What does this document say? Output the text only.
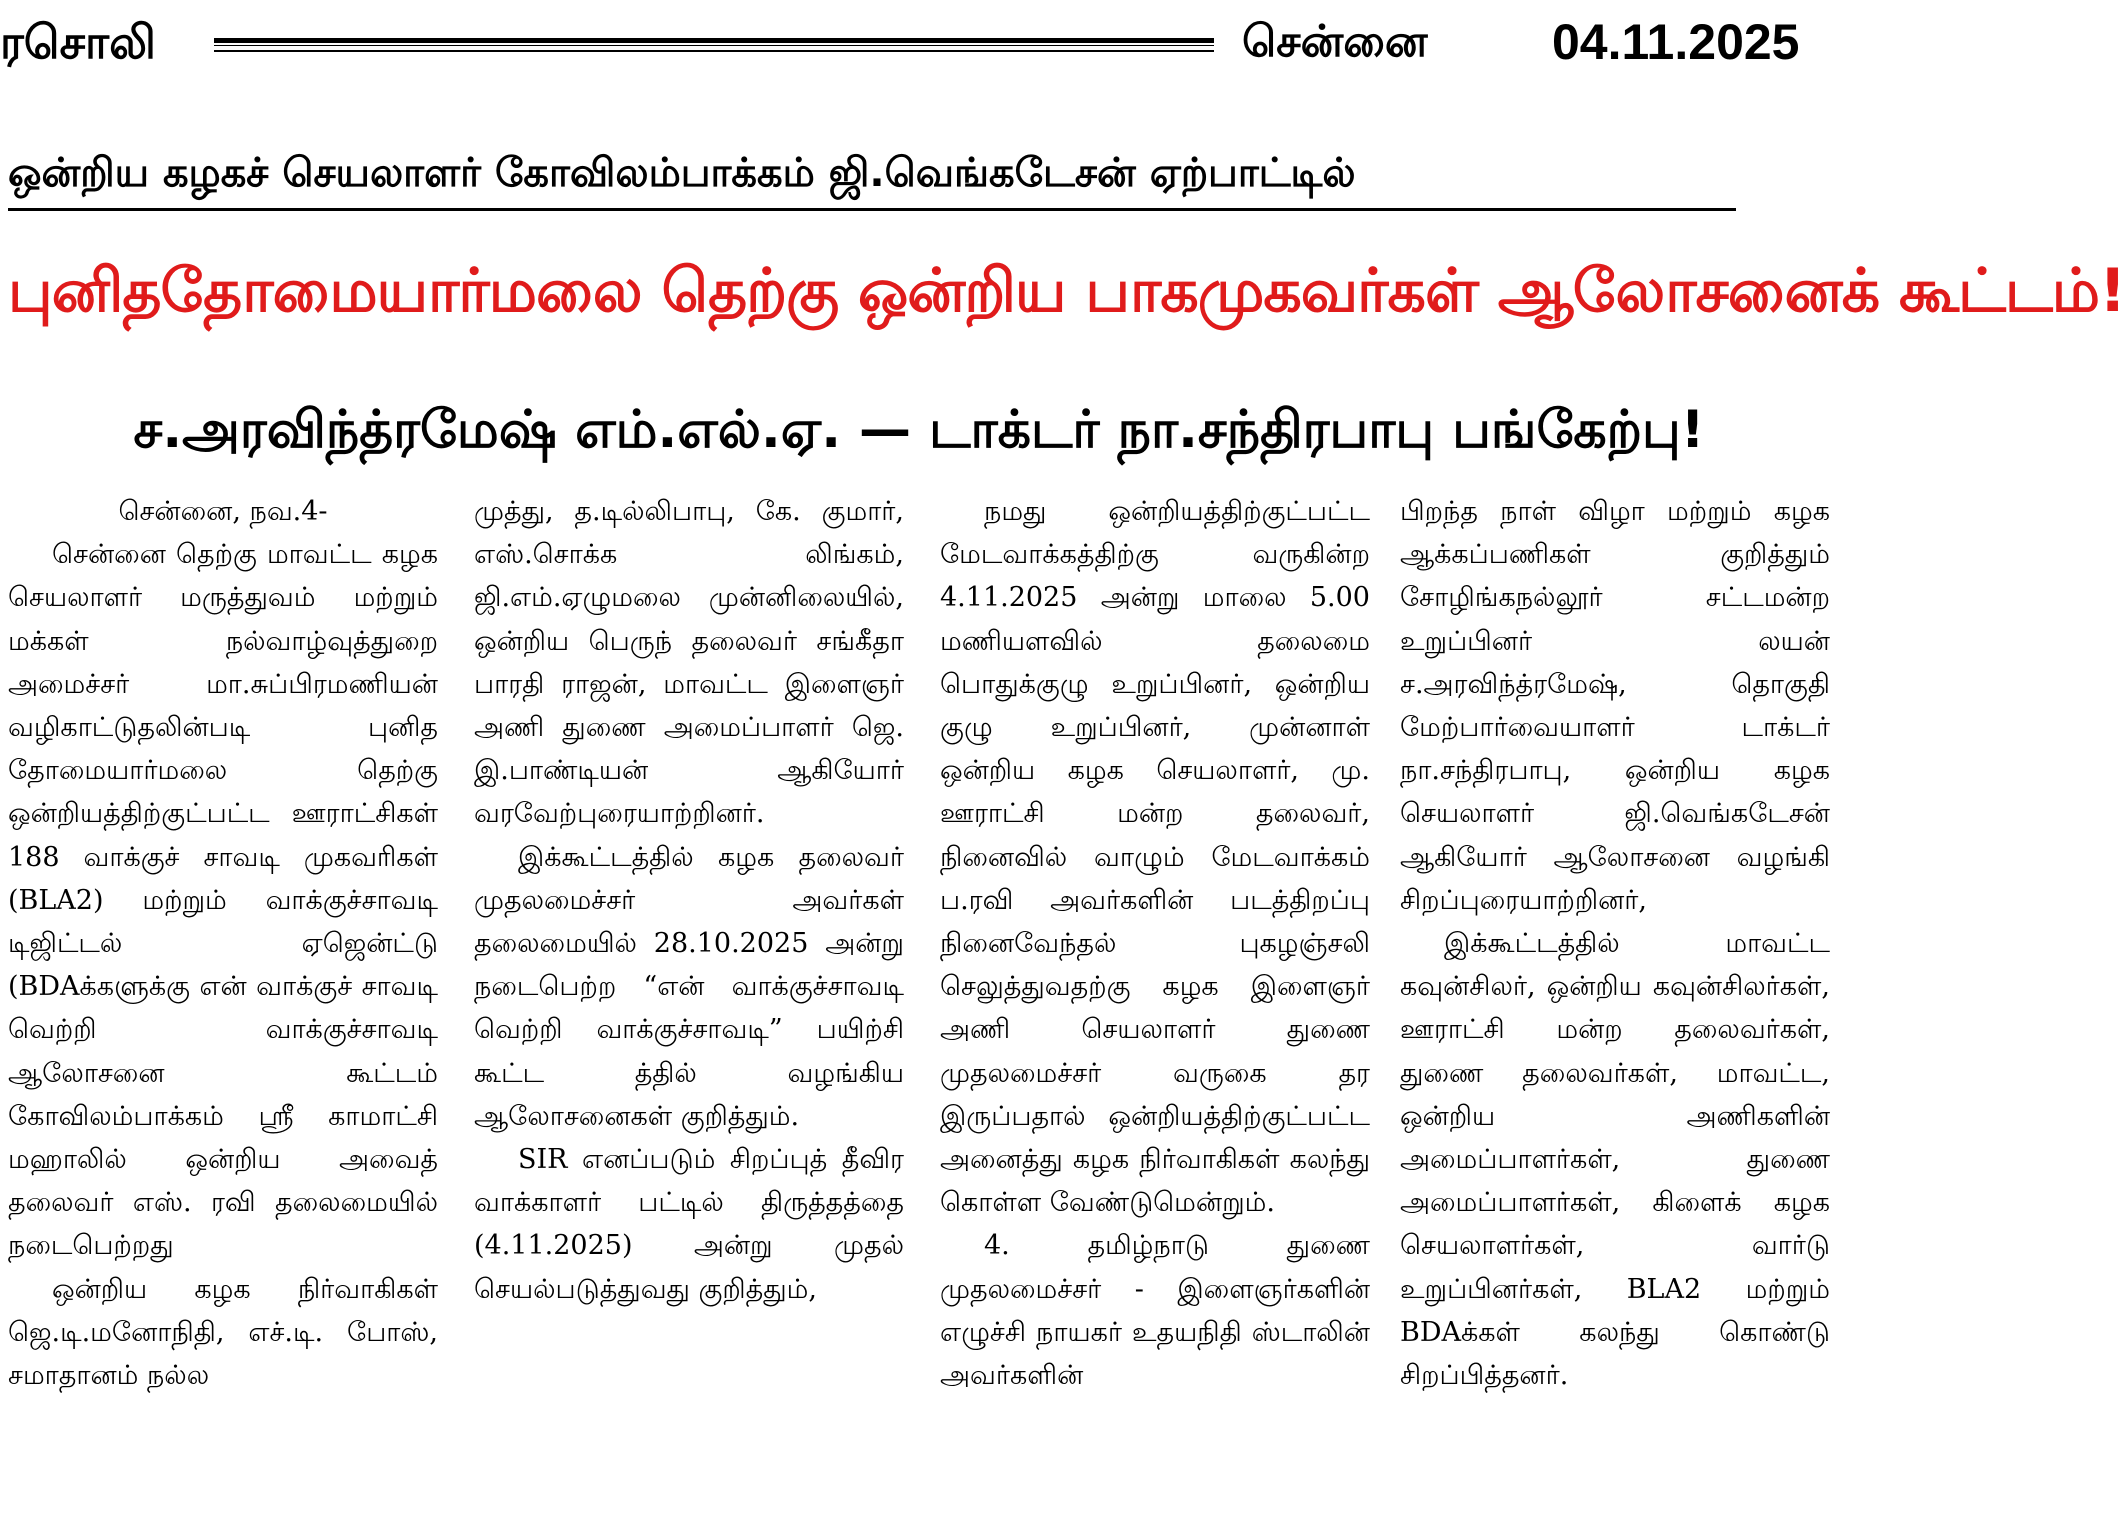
ரசொலி	சென்னை 04.11.2025
ஒன்றிய கழகச் செயலாளர் கோவிலம்பாக்கம் ஜி.வெங்கடேசன் ஏற்பாட்டில்
புனிததோமையார்மலை தெற்கு ஒன்றிய பாகமுகவர்கள் ஆலோசனைக் கூட்டம்!
ச.அரவிந்த்ரமேஷ் எம்.எல்.ஏ. — டாக்டர் நா.சந்திரபாபு பங்கேற்பு!

சென்னை, நவ.4-

சென்னை தெற்கு மாவட்ட கழக செயலாளர் மருத்துவம் மற்றும் மக்கள் நல்வாழ்வுத்துறை அமைச்சர் மா.சுப்பிரமணியன் வழிகாட்டுதலின்படி புனித தோமையார்மலை தெற்கு ஒன்றியத்திற்குட்பட்ட ஊராட்சிகள் 188 வாக்குச் சாவடி முகவரிகள் (BLA2) மற்றும் வாக்குச்சாவடி டிஜிட்டல் ஏஜென்ட்டு (BDAக்களுக்கு என் வாக்குச் சாவடி வெற்றி வாக்குச்சாவடி ஆலோசனை கூட்டம் கோவிலம்பாக்கம் ஸ்ரீ காமாட்சி மஹாலில் ஒன்றிய அவைத் தலைவர் எஸ். ரவி தலைமையில் நடைபெற்றது

ஒன்றிய கழக நிர்வாகிகள் ஜெ.டி.மனோநிதி, எச்.டி. போஸ், சமாதானம் நல்ல

முத்து, த.டில்லிபாபு, கே. குமார், எஸ்.சொக்க லிங்கம், ஜி.எம்.ஏழுமலை முன்னிலையில், ஒன்றிய பெருந் தலைவர் சங்கீதா பாரதி ராஜன், மாவட்ட இளைஞர் அணி துணை அமைப்பாளர் ஜெ. இ.பாண்டியன் ஆகியோர் வரவேற்புரையாற்றினர்.

இக்கூட்டத்தில் கழக தலைவர் முதலமைச்சர் அவர்கள் தலைமையில் 28.10.2025 அன்று நடைபெற்ற “என் வாக்குச்சாவடி வெற்றி வாக்குச்சாவடி” பயிற்சி கூட்ட த்தில் வழங்கிய ஆலோசனைகள் குறித்தும்.

SIR எனப்படும் சிறப்புத் தீவிர வாக்காளர் பட்டில் திருத்தத்தை (4.11.2025) அன்று முதல் செயல்படுத்துவது குறித்தும்,

நமது ஒன்றியத்திற்குட்பட்ட மேடவாக்கத்திற்கு வருகின்ற 4.11.2025 அன்று மாலை 5.00 மணியளவில் தலைமை பொதுக்குழு உறுப்பினர், ஒன்றிய குழு உறுப்பினர், முன்னாள் ஒன்றிய கழக செயலாளர், மு. ஊராட்சி மன்ற தலைவர், நினைவில் வாழும் மேடவாக்கம் ப.ரவி அவர்களின் படத்திறப்பு நினைவேந்தல் புகழஞ்சலி செலுத்துவதற்கு கழக இளைஞர் அணி செயலாளர் துணை முதலமைச்சர் வருகை தர இருப்பதால் ஒன்றியத்திற்குட்பட்ட அனைத்து கழக நிர்வாகிகள் கலந்து கொள்ள வேண்டுமென்றும்.

4. தமிழ்நாடு துணை முதலமைச்சர் - இளைஞர்களின் எழுச்சி நாயகர் உதயநிதி ஸ்டாலின் அவர்களின்

பிறந்த நாள் விழா மற்றும் கழக ஆக்கப்பணிகள் குறித்தும் சோழிங்கநல்லூர் சட்டமன்ற உறுப்பினர் லயன் ச.அரவிந்த்ரமேஷ், தொகுதி மேற்பார்வையாளர் டாக்டர் நா.சந்திரபாபு, ஒன்றிய கழக செயலாளர் ஜி.வெங்கடேசன் ஆகியோர் ஆலோசனை வழங்கி சிறப்புரையாற்றினர்,

இக்கூட்டத்தில் மாவட்ட கவுன்சிலர், ஒன்றிய கவுன்சிலர்கள், ஊராட்சி மன்ற தலைவர்கள், துணை தலைவர்கள், மாவட்ட, ஒன்றிய அணிகளின் அமைப்பாளர்கள், துணை அமைப்பாளர்கள், கிளைக் கழக செயலாளர்கள், வார்டு உறுப்பினர்கள், BLA2 மற்றும் BDAக்கள் கலந்து கொண்டு சிறப்பித்தனர்.
